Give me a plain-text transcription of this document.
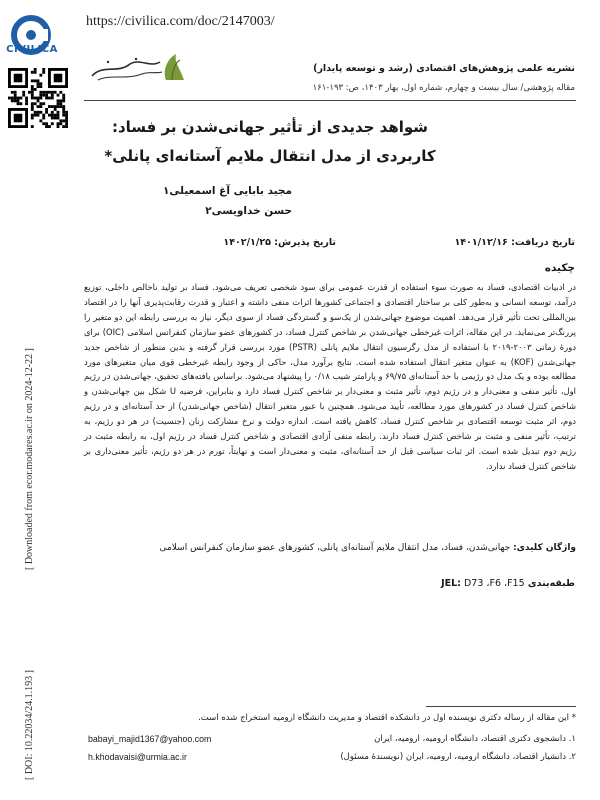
CIVILICA
https://civilica.com/doc/2147003/
نشریه علمی پژوهش‌های اقتصادی (رشد و توسعه پایدار)
مقاله پژوهشی/ سال بیست و چهارم، شماره اول، بهار ۱۴۰۳، ص: ۱۹۳-۱۶۱
شواهد جدیدی از تأثیر جهانی‌شدن بر فساد:
کاربردی از مدل انتقال ملایم آستانه‌ای پانلی*
مجید بابایی آغ اسمعیلی۱
حسن خداویسی۲
تاریخ دریافت: ۱۴۰۱/۱۲/۱۶
تاریخ پذیرش: ۱۴۰۲/۱/۲۵
چکیده
در ادبیات اقتصادی، فساد به صورت سوء استفاده از قدرت عمومی برای سود شخصی تعریف می‌شود. فساد بر تولید ناخالص داخلی، توزیع درآمد، توسعه انسانی و به‌طور کلی بر ساختار اقتصادی و اجتماعی کشورها اثرات منفی داشته و اعتبار و قدرت رقابت‌پذیری آنها را در اقتصاد بین‌المللی تحت تأثیر قرار می‌دهد. اهمیت موضوع جهانی‌شدن از یک‌سو و گستردگی فساد از سوی دیگر، نیاز به بررسی رابطه این دو متغیر را پررنگ‌تر می‌نماید. در این مقاله، اثرات غیرخطی جهانی‌شدن بر شاخص کنترل فساد، در کشورهای عضو سازمان کنفرانس اسلامی (OIC) برای دورۀ زمانی ۲۰۰۳-۲۰۱۹ با استفاده از مدل رگرسیون انتقال ملایم پانلی (PSTR) مورد بررسی قرار گرفته و بدین منظور از شاخص جدید جهانی‌شدن (KOF) به عنوان متغیر انتقال استفاده شده است. نتایج برآورد مدل، حاکی از وجود رابطه غیرخطی قوی میان متغیرهای مورد مطالعه بوده و یک مدل دو رژیمی با حد آستانه‌ای ۶۹/۷۵ و پارامتر شیب ۰/۱۸ را پیشنهاد می‌شود. براساس یافته‌های تحقیق، جهانی‌شدن در رژیم اول، تأثیر منفی و معنی‌دار و در رژیم دوم، تأثیر مثبت و معنی‌دار بر شاخص کنترل فساد دارد و بنابراین، فرضیه U شکل بین جهانی‌شدن و شاخص کنترل فساد در کشورهای مورد مطالعه، تأیید می‌شود. همچنین با عبور متغیر انتقال (شاخص جهانی‌شدن) از حد آستانه‌ای و در رژیم دوم، اثر مثبت توسعه اقتصادی بر شاخص کنترل فساد، کاهش یافته است. اندازه دولت و نرخ مشارکت زنان (جنسیت) در هر دو رژیم، به ترتیب، تأثیر منفی و مثبت بر شاخص کنترل فساد دارند. رابطه منفی آزادی اقتصادی و شاخص کنترل فساد در رژیم اول، به رابطه مثبت در رژیم دوم تبدیل شده است. اثر ثبات سیاسی قبل از حد آستانه‌ای، مثبت و معنی‌دار است و نهایتاً، تورم در هر دو رژیم، تأثیر معنی‌داری بر شاخص کنترل فساد ندارد.
واژگان کلیدی: جهانی‌شدن، فساد، مدل انتقال ملایم آستانه‌ای پانلی، کشورهای عضو سازمان کنفرانس اسلامی
طبقه‌بندی JEL: D73 ،F6 ،F15
* این مقاله از رساله دکتری نویسنده اول در دانشکده اقتصاد و مدیریت دانشگاه ارومیه استخراج شده است.
۱. دانشجوی دکتری اقتصاد، دانشگاه ارومیه، ارومیه، ایران
۲. دانشیار اقتصاد، دانشگاه ارومیه، ارومیه، ایران (نویسندۀ مسئول)
babayi_majid1367@yahoo.com
h.khodavaisi@urmia.ac.ir
[ DOI: 10.22034/24.1.193 ]
[ Downloaded from ecor.modares.ac.ir on 2024-12-22 ]
